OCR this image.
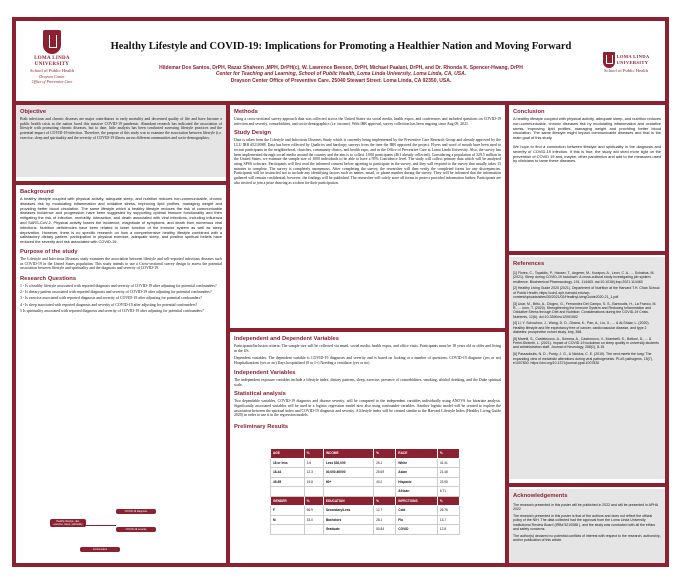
LOMA LINDA
UNIVERSITY
School of Public Health
Drayson Center
Office of Preventive Care
Healthy Lifestyle and COVID-19: Implications for Promoting a Healthier Nation and Moving Forward
Hildemar Dos Santos, DrPH, Razaz Shaheen ,MPH, DrPH(c), W. Lawrence Beeson, DrPH, Michael Paalani, DrPH, and Dr. Rhonda K. Spencer-Hwang, DrPH
Center for Teaching and Learning, School of Public Health, Loma Linda University, Loma Linda, CA, USA.
Drayson Center Office of Preventive Care. 25040 Stewart Street. Loma Linda, CA 92350, USA.
LOMA LINDA
UNIVERSITY
School of Public Health
Objective

Both infectious and chronic diseases are major contributors to early mortality and decreased quality of life and have become a public health crisis as the nation faced this massive COVID-19 pandemic. Abundant research has indicated the association of lifestyle with promoting chronic diseases, but to date, little analysis has been conducted assessing lifestyle practices and the potential impact of COVID-19 infection. Therefore, the purpose of this study was to examine the association between lifestyle (i.e. exercise, sleep and spirituality and the severity of COVID-19 illness across different communities and socio-demographics.

Background

A healthy lifestyle coupled with physical activity, adequate sleep, and nutrition reduces non-communicable, chronic diseases risk by modulating inflammation and oxidative stress, improving lipid profiles, managing weight and providing better blood circulation. The same lifestyle which a healthy lifestyle reduces the risk of communicable diseases incidence and progression have been suggested by supporting optimal immune functionality and then mitigating the risk of infection, morbidity, interaction, and death associated with viral infections, including influenza and SARS-CoV-2. Physical activity lowers the incidence, magnitude of symptoms, and death from numerous viral infections. Nutrition deficiencies have been related to lower function of the immune system as well as sleep deprivation. However, there is no specific research on how a comprehensive healthy lifestyle combined with a satisfactory dietary pattern, participation in physical exercise, adequate sleep, and positive spiritual beliefs have reduced the severity and risk associated with COVID-19.

Purpose of the study

The Lifestyle and Infectious Diseases study examines the association between lifestyle and self-reported infectious diseases such as COVID-19 in the United States population. This study intends to use a Cross-sectional survey design to assess the potential association between lifestyle and spirituality and the diagnosis and severity of COVID-19.

Research Questions
1 - Is a healthy lifestyle associated with reported diagnosis and severity of COVID-19 after adjusting for potential confounders?
2 - Is dietary pattern associated with reported diagnosis and severity of COVID-19 after adjusting for potential confounders?
3 - Is exercise associated with reported diagnosis and severity of COVID-19 after adjusting for potential confounders?
4 - Is sleep associated with reported diagnosis and severity of COVID-19 after adjusting for potential confounders?
5 Is spirituality associated with reported diagnosis and severity of COVID-19 after adjusting for potential confounders?
Healthy lifestyle, diet, exercise, sleep, spirituality
COVID-19 diagnosis
COVID-19 severity
Confounders
Methods

Using a cross-sectional survey approach data was collected across the United States via social media, health expos, and conferences and included questions on COVID-19 infection and severity, comorbidities, and socio-demographics (i.e. income). With IRB approval, survey collection has been ongoing since Aug 09, 2021.

Study Design

Data is taken from the Lifestyle and Infectious Diseases Study which is currently being implemented by the Preventive Care Research Group and already approved by the LLU IRB #5210088. Data has been collected by Qualtrics and hardcopy surveys from the time the IRB approved the project. Flyers and word of mouth have been used to recruit participants in the neighborhood, churches, community clinics, and health expo, and in the Office of Preventive Care at Loma Linda University. Also, the survey has been implemented through social media around the country and the aim is to collect 1,000 participants (461 already collected). Considering a population of 329.5 million in the United States, we estimate the sample size of 1000 individuals to be able to have a 95% Confidence level. The study will collect primary data which will be analyzed using SPSS software. Participants will first read the informed consent before agreeing to participate in the survey, and they will respond to the survey that usually takes 15 minutes to complete. The survey is completely anonymous. After completing the survey, the researcher will then verify the completed forms for any discrepancies. Participants will be instructed not to include any identifying factors such as names, email, or phone number during the survey. They will be informed that the information gathered will remain confidential, however, the findings will be published. The researcher will safely store all forms to protect provided information further. Participants are also invited to join a prize drawing as a token for their participation.

Independent and Dependent Variables

Participants/Inclusion criteria: The sample size will be collected via email, social media, health expos, and office visits. Participants must be 18 years old or older and living in the US.

Dependent variables: The dependent variable is COVID-19 diagnoses and severity and is based on looking at a number of questions: COVID-19 diagnose (yes or no) Hospitalizations (yes or no) Days hospitalized (0 to 1+) Needing a ventilator (yes or no)

Independent Variables

The independent exposure variables include a lifestyle index, dietary patterns, sleep, exercise, presence of comorbidities, smoking, alcohol drinking, and the Duke spiritual scale.

Statistical analysis

Two dependable variables, COVID-19 diagnosis and disease severity, will be compared to the independent variables individually using ANOVA for bivariate analysis. Significantly associated variables will be used in a logistic regression model now also using confounder variables. Another logistic model will be created to explore the association between the spiritual index and COVID-19 diagnosis and severity. A lifestyle index will be created similar to the Harvard Lifestyle Index (Healthy Living Guide 2020) in order to use it in the regression models.

Preliminary Results
AGE	%	INCOME	%	RACE	%
18 or less	3.6	Less $30,000	26.1	White	41.41
18-44	12.3	30,000-60000	25.69	Asian	21.48
45-65	19.8	60+	40.2	Hispanic	23.95
				African	6.71
GENDER	%	EDUCATION	%	INFECTIONS	%
F	66.9	Secondary/Less	12.7	Cold	26.76
M	33.0	Bachelors	28.1	Flu	13.7
		Graduate	50.84	COVID	12.8
Conclusion

A healthy lifestyle coupled with physical activity, adequate sleep, and nutrition reduces non-communicable, chronic diseases risk by modulating inflammation and oxidative stress, improving lipid profiles, managing weight and providing better blood circulation. The same lifestyle might impact communicable diseases and that is the main goal of this study.

We hope to find a connection between lifestyle and spirituality in the diagnosis and severity of COVID-19 infection. If this is true, the study will shed more light on the prevention of COVID 19 and, maybe, other pandemics and add to the measures used by clinicians to tame these diseases.

References
[1] Flores, C., Topaldis, P., Hauser, T., Angerer, M., Kurapov, A., Leon, C. A., ... Schabus, M. (2021). Sleep during COVID-19 lockdown: A cross-cultural study investigating job system resilience. Biochemical Pharmacology, 191, 114463. doi:10.1016/j.bcp.2021.114463
[2] Healthy Living Guide 2020 (2021). Department of Nutrition at the Harvard T.H. Chan School of Public Health. https://cdn1.sph.harvard.edu/wp-content/uploads/sites/30/2021/02/HealthyLivingGuide2020-21_1.pdf
[3] Ucar, M., Brito, A., Diogeo, G., Fernandez Del Campo, S. S., Barroudis, H., La Franco, M. R., ... Ionn, T. (2020). Strengthening the Immune System and Reducing Inflammation and Oxidative Stress through Diet and Nutrition: Considerations during the COVID-19 Crisis. Nutrients, 12(6), doi:10.3390/nu12061562
[4] Li, Y. Schoufour, J., Wang, D. D., Dhana, K., Pan, A., Liu, X., ... & Al-Shaar, L. (2020). Healthy lifestyle and life expectancy free of cancer, cardiovascular disease, and type 2 diabetes: prospective cohort study. bmj, 368.
[5] Marelli, S., Castelnuovo, A., Somma, A., Castronovo, V., Mombelli, S., Bottoni, D., ... & Ferini-Strambi, L. (2021). Impact of COVID-19 lockdown on sleep quality in university students and administration staff. Journal of Neurology, 268(1), 8-15.
[6] Passadoulis, N. D., Purdy, J. G., & Nicklus, C. E. (2019). The next meets the lung: The expanding view of metabolic alterations during viral pathogenesis. PLoS pathogens, 15(7), e1007830. https://doi.org/10.1371/journal.ppat.1007830
Acknowledgements

The research presented in this poster will be published in 2022 and will be presented in APHA 2022

The research presented in this poster is that of the authors and does not reflect the official policy of the NIH. The data collected had the approval from the Loma Linda University Institutional Review Board (IRB# 5210088 ), and the study was conducted with all the ethics and safety concerns.

The author(s) declared no potential conflicts of interest with respect to the research, authorship, and/or publication of this article.
